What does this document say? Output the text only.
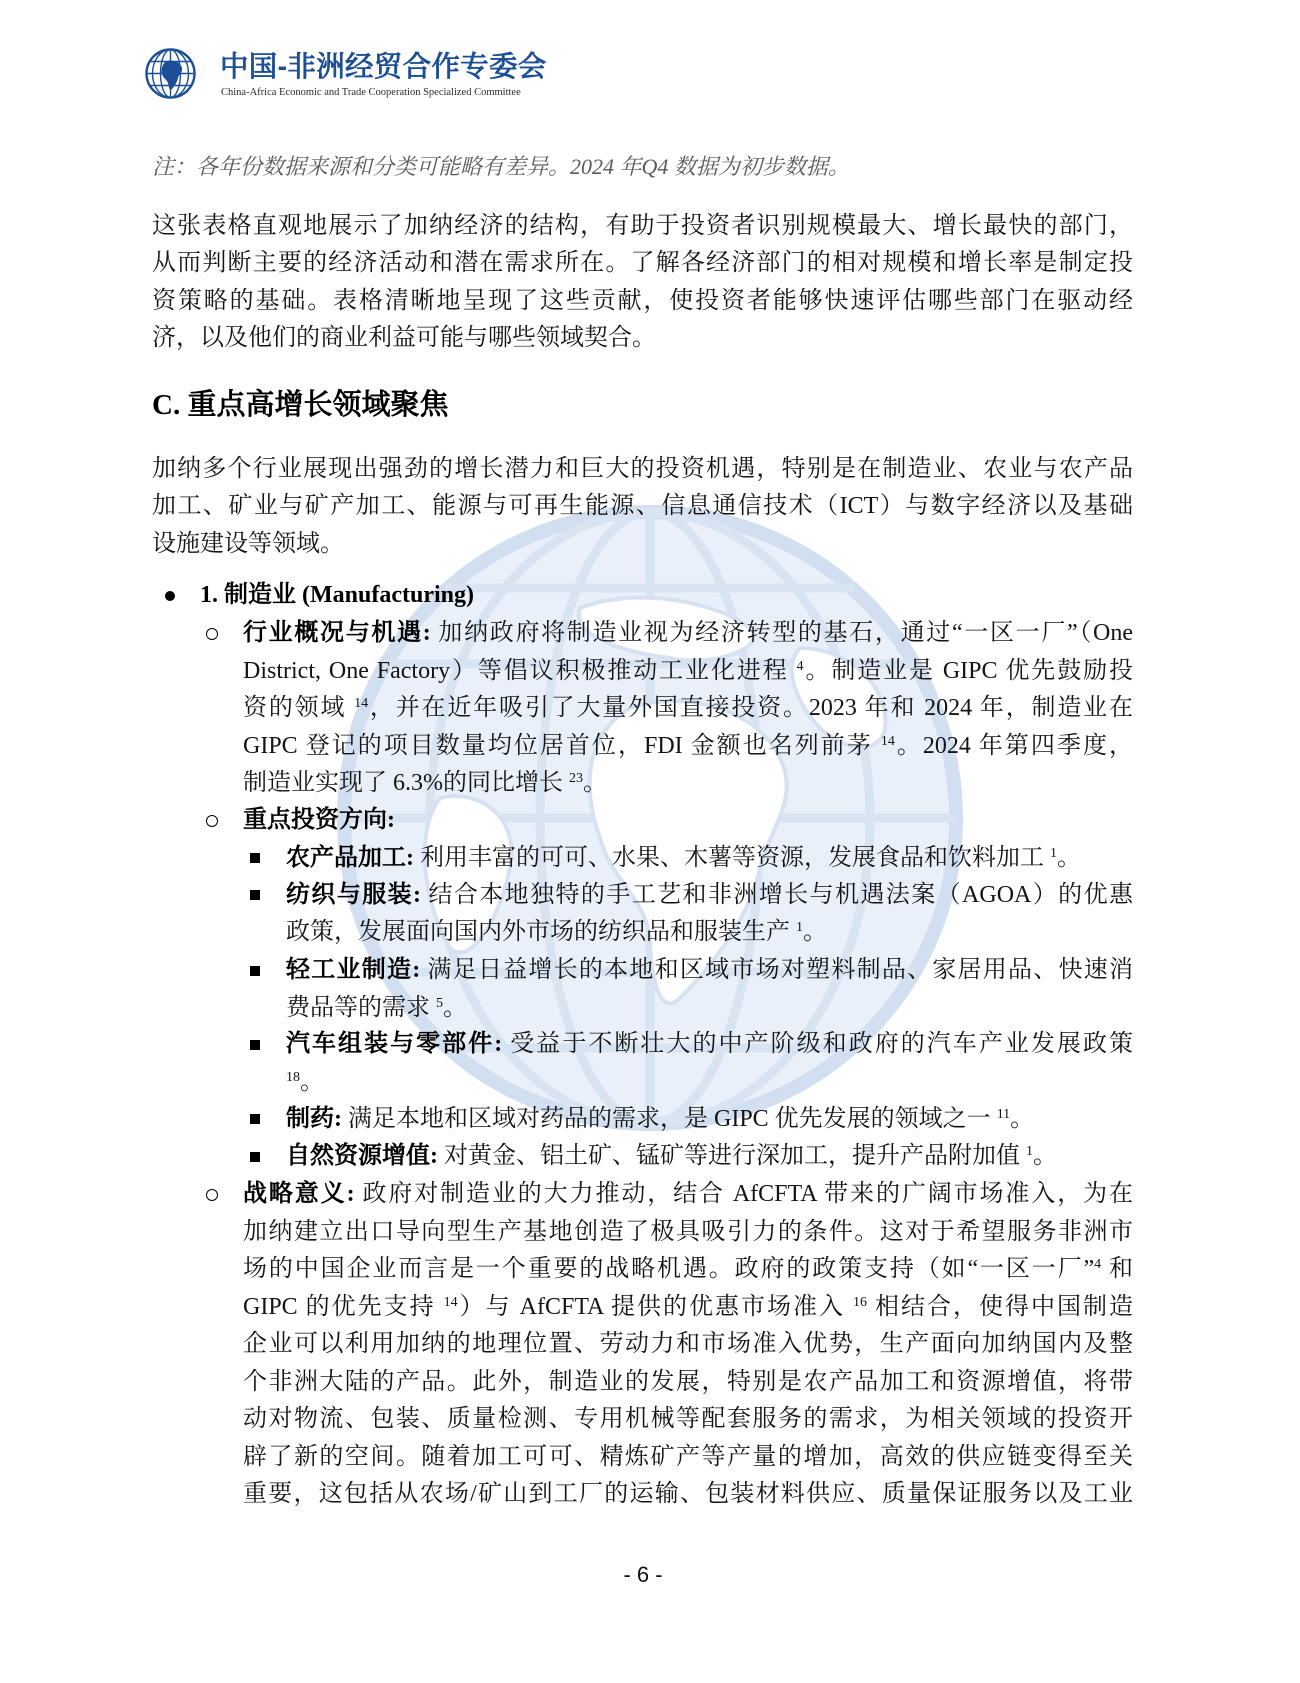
中国-非洲经贸合作专委会
China-Africa Economic and Trade Cooperation Specialized Committee
注：各年份数据来源和分类可能略有差异。2024 年Q4 数据为初步数据。
这张表格直观地展示了加纳经济的结构，有助于投资者识别规模最大、增长最快的部门，
从而判断主要的经济活动和潜在需求所在。了解各经济部门的相对规模和增长率是制定投
资策略的基础。表格清晰地呈现了这些贡献，使投资者能够快速评估哪些部门在驱动经
济，以及他们的商业利益可能与哪些领域契合。
C. 重点高增长领域聚焦
加纳多个行业展现出强劲的增长潜力和巨大的投资机遇，特别是在制造业、农业与农产品
加工、矿业与矿产加工、能源与可再生能源、信息通信技术（ICT）与数字经济以及基础
设施建设等领域。
1. 制造业 (Manufacturing)
行业概况与机遇: 加纳政府将制造业视为经济转型的基石，通过“一区一厂”（One
District, One Factory）等倡议积极推动工业化进程 $^4$。制造业是 GIPC 优先鼓励投
资的领域 $^{14}$，并在近年吸引了大量外国直接投资。2023 年和 2024 年，制造业在
GIPC 登记的项目数量均位居首位，FDI 金额也名列前茅 $^{14}$。2024 年第四季度，
制造业实现了 6.3%的同比增长 $^{23}$。
重点投资方向:
农产品加工: 利用丰富的可可、水果、木薯等资源，发展食品和饮料加工 $^1$。
纺织与服装: 结合本地独特的手工艺和非洲增长与机遇法案（AGOA）的优惠
政策，发展面向国内外市场的纺织品和服装生产 $^1$。
轻工业制造: 满足日益增长的本地和区域市场对塑料制品、家居用品、快速消
费品等的需求 $^5$。
汽车组装与零部件: 受益于不断壮大的中产阶级和政府的汽车产业发展政策
$^{18}$。
制药: 满足本地和区域对药品的需求，是 GIPC 优先发展的领域之一 $^{11}$。
自然资源增值: 对黄金、铝土矿、锰矿等进行深加工，提升产品附加值 $^1$。
战略意义: 政府对制造业的大力推动，结合 AfCFTA 带来的广阔市场准入，为在
加纳建立出口导向型生产基地创造了极具吸引力的条件。这对于希望服务非洲市
场的中国企业而言是一个重要的战略机遇。政府的政策支持（如“一区一厂”$^4$ 和
GIPC 的优先支持 $^{14}$）与 AfCFTA 提供的优惠市场准入 $^{16}$ 相结合，使得中国制造
企业可以利用加纳的地理位置、劳动力和市场准入优势，生产面向加纳国内及整
个非洲大陆的产品。此外，制造业的发展，特别是农产品加工和资源增值，将带
动对物流、包装、质量检测、专用机械等配套服务的需求，为相关领域的投资开
辟了新的空间。随着加工可可、精炼矿产等产量的增加，高效的供应链变得至关
重要，这包括从农场/矿山到工厂的运输、包装材料供应、质量保证服务以及工业
- 6 -
